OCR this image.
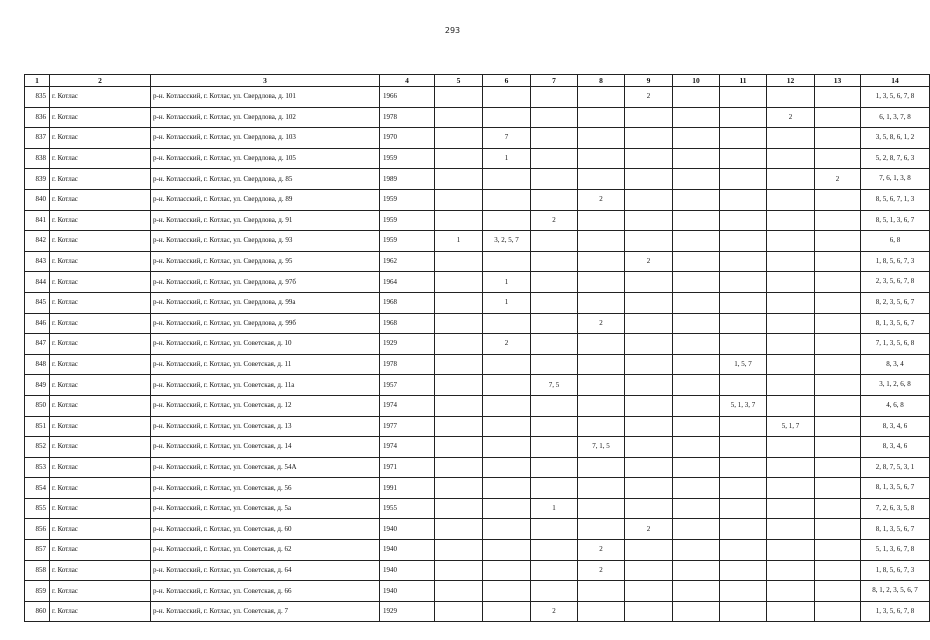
293
1	2	3	4	5	6	7	8	9	10	11	12	13	14
835	г. Котлас	р-н. Котласский, г. Котлас, ул. Свердлова, д. 101	1966					2					1, 3, 5, 6, 7, 8
836	г. Котлас	р-н. Котласский, г. Котлас, ул. Свердлова, д. 102	1978								2		6, 1, 3, 7, 8
837	г. Котлас	р-н. Котласский, г. Котлас, ул. Свердлова, д. 103	1970		7								3, 5, 8, 6, 1, 2
838	г. Котлас	р-н. Котласский, г. Котлас, ул. Свердлова, д. 105	1959		1								5, 2, 8, 7, 6, 3
839	г. Котлас	р-н. Котласский, г. Котлас, ул. Свердлова, д. 85	1989									2	7, 6, 1, 3, 8
840	г. Котлас	р-н. Котласский, г. Котлас, ул. Свердлова, д. 89	1959				2						8, 5, 6, 7, 1, 3
841	г. Котлас	р-н. Котласский, г. Котлас, ул. Свердлова, д. 91	1959			2							8, 5, 1, 3, 6, 7
842	г. Котлас	р-н. Котласский, г. Котлас, ул. Свердлова, д. 93	1959	1	3, 2, 5, 7								6, 8
843	г. Котлас	р-н. Котласский, г. Котлас, ул. Свердлова, д. 95	1962					2					1, 8, 5, 6, 7, 3
844	г. Котлас	р-н. Котласский, г. Котлас, ул. Свердлова, д. 97б	1964		1								2, 3, 5, 6, 7, 8
845	г. Котлас	р-н. Котласский, г. Котлас, ул. Свердлова, д. 99а	1968		1								8, 2, 3, 5, 6, 7
846	г. Котлас	р-н. Котласский, г. Котлас, ул. Свердлова, д. 99б	1968				2						8, 1, 3, 5, 6, 7
847	г. Котлас	р-н. Котласский, г. Котлас, ул. Советская, д. 10	1929		2								7, 1, 3, 5, 6, 8
848	г. Котлас	р-н. Котласский, г. Котлас, ул. Советская, д. 11	1978							1, 5, 7			8, 3, 4
849	г. Котлас	р-н. Котласский, г. Котлас, ул. Советская, д. 11а	1957			7, 5							3, 1, 2, 6, 8
850	г. Котлас	р-н. Котласский, г. Котлас, ул. Советская, д. 12	1974							5, 1, 3, 7			4, 6, 8
851	г. Котлас	р-н. Котласский, г. Котлас, ул. Советская, д. 13	1977								5, 1, 7		8, 3, 4, 6
852	г. Котлас	р-н. Котласский, г. Котлас, ул. Советская, д. 14	1974				7, 1, 5						8, 3, 4, 6
853	г. Котлас	р-н. Котласский, г. Котлас, ул. Советская, д. 54А	1971										2, 8, 7, 5, 3, 1
854	г. Котлас	р-н. Котласский, г. Котлас, ул. Советская, д. 56	1991										8, 1, 3, 5, 6, 7
855	г. Котлас	р-н. Котласский, г. Котлас, ул. Советская, д. 5а	1955			1							7, 2, 6, 3, 5, 8
856	г. Котлас	р-н. Котласский, г. Котлас, ул. Советская, д. 60	1940					2					8, 1, 3, 5, 6, 7
857	г. Котлас	р-н. Котласский, г. Котлас, ул. Советская, д. 62	1940				2						5, 1, 3, 6, 7, 8
858	г. Котлас	р-н. Котласский, г. Котлас, ул. Советская, д. 64	1940				2						1, 8, 5, 6, 7, 3
859	г. Котлас	р-н. Котласский, г. Котлас, ул. Советская, д. 66	1940										8, 1, 2, 3, 5, 6, 7
860	г. Котлас	р-н. Котласский, г. Котлас, ул. Советская, д. 7	1929			2							1, 3, 5, 6, 7, 8
